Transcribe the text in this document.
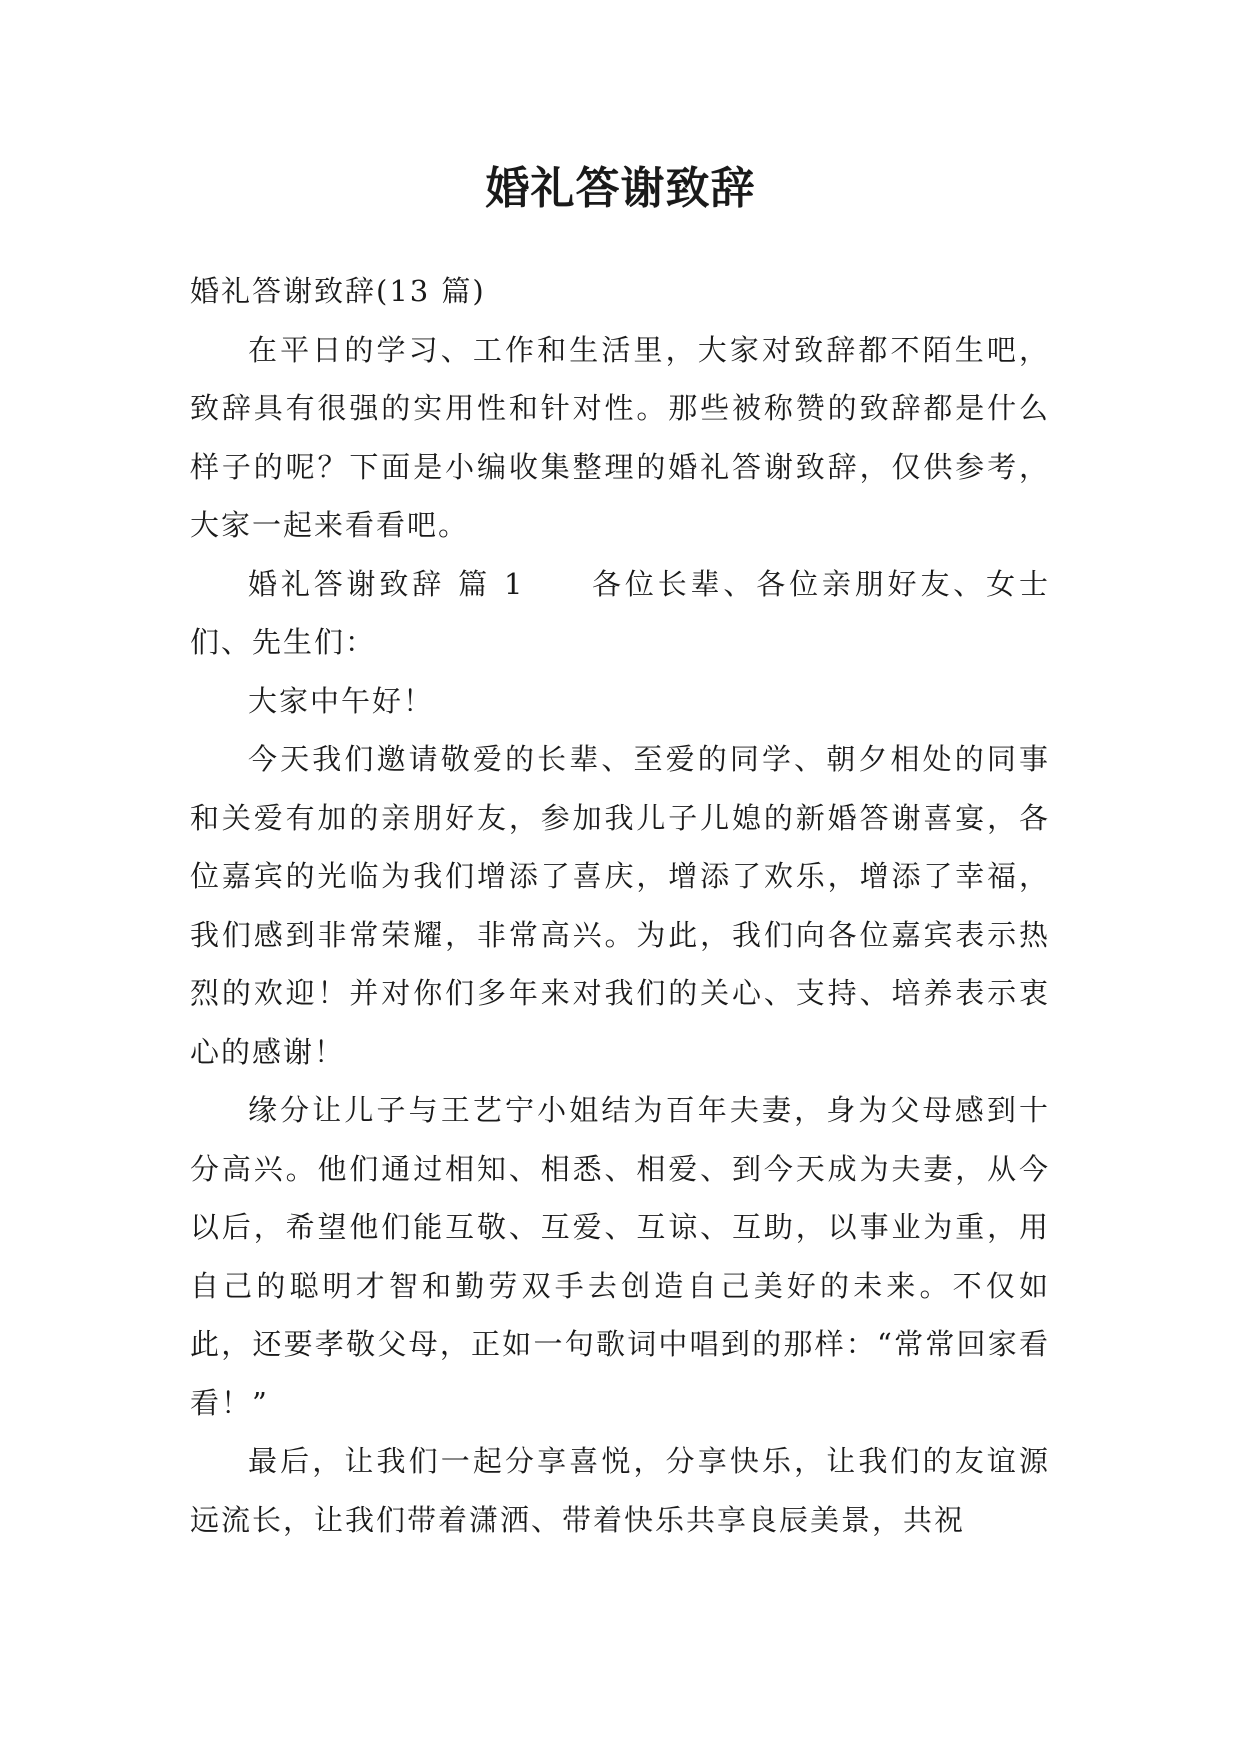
婚礼答谢致辞

婚礼答谢致辞(13 篇)

在平日的学习、工作和生活里，大家对致辞都不陌生吧，致辞具有很强的实用性和针对性。那些被称赞的致辞都是什么样子的呢？下面是小编收集整理的婚礼答谢致辞，仅供参考，大家一起来看看吧。

婚礼答谢致辞 篇 1　　各位长辈、各位亲朋好友、女士们、先生们：

大家中午好！

今天我们邀请敬爱的长辈、至爱的同学、朝夕相处的同事和关爱有加的亲朋好友，参加我儿子儿媳的新婚答谢喜宴，各位嘉宾的光临为我们增添了喜庆，增添了欢乐，增添了幸福，我们感到非常荣耀，非常高兴。为此，我们向各位嘉宾表示热烈的欢迎！并对你们多年来对我们的关心、支持、培养表示衷心的感谢！

缘分让儿子与王艺宁小姐结为百年夫妻，身为父母感到十分高兴。他们通过相知、相悉、相爱、到今天成为夫妻，从今以后，希望他们能互敬、互爱、互谅、互助，以事业为重，用自己的聪明才智和勤劳双手去创造自己美好的未来。不仅如此，还要孝敬父母，正如一句歌词中唱到的那样：“常常回家看看！”

最后，让我们一起分享喜悦，分享快乐，让我们的友谊源远流长，让我们带着潇洒、带着快乐共享良辰美景，共祝
